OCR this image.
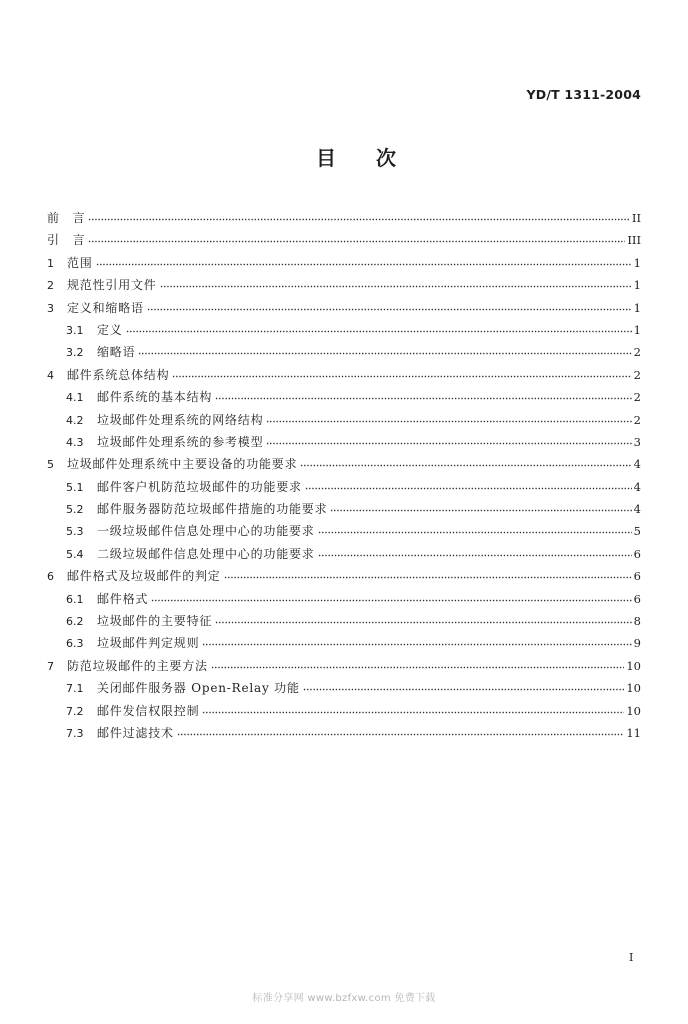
YD/T 1311-2004
目　　次
前　言	II
引　言	III
1	范围	1
2	规范性引用文件	1
3	定义和缩略语	1
3.1	定义	1
3.2	缩略语	2
4	邮件系统总体结构	2
4.1	邮件系统的基本结构	2
4.2	垃圾邮件处理系统的网络结构	2
4.3	垃圾邮件处理系统的参考模型	3
5	垃圾邮件处理系统中主要设备的功能要求	4
5.1	邮件客户机防范垃圾邮件的功能要求	4
5.2	邮件服务器防范垃圾邮件措施的功能要求	4
5.3	一级垃圾邮件信息处理中心的功能要求	5
5.4	二级垃圾邮件信息处理中心的功能要求	6
6	邮件格式及垃圾邮件的判定	6
6.1	邮件格式	6
6.2	垃圾邮件的主要特征	8
6.3	垃圾邮件判定规则	9
7	防范垃圾邮件的主要方法	10
7.1	关闭邮件服务器 Open-Relay 功能	10
7.2	邮件发信权限控制	10
7.3	邮件过滤技术	11
I
标准分享网 www.bzfxw.com 免费下载
